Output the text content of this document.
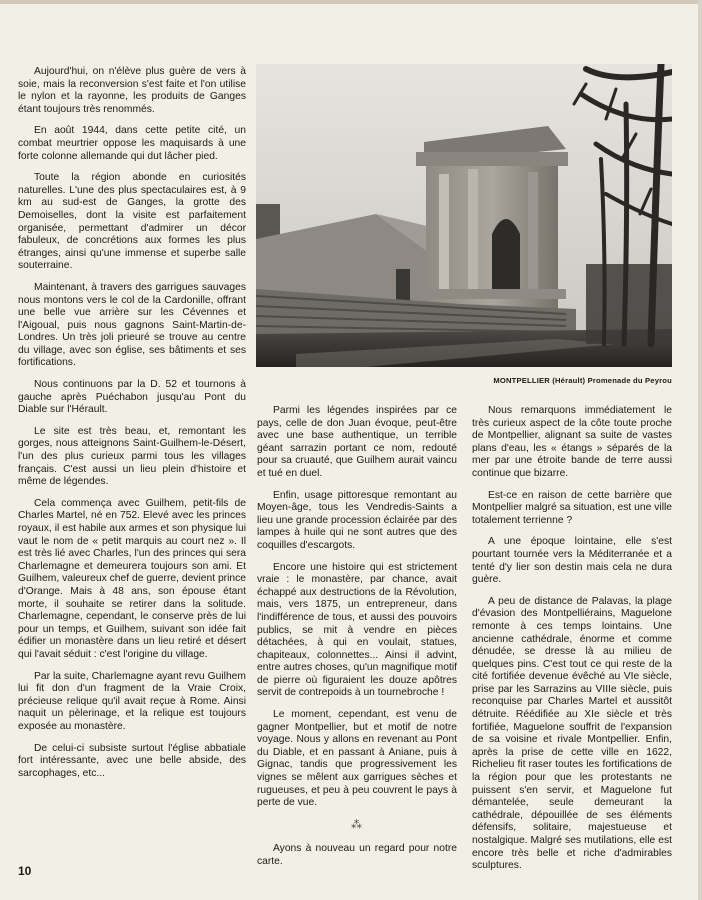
Aujourd'hui, on n'élève plus guère de vers à soie, mais la reconversion s'est faite et l'on utilise le nylon et la rayonne, les produits de Ganges étant toujours très renommés.

En août 1944, dans cette petite cité, un combat meurtrier oppose les maquisards à une forte colonne allemande qui dut lâcher pied.

Toute la région abonde en curiosités naturelles. L'une des plus spectaculaires est, à 9 km au sud-est de Ganges, la grotte des Demoiselles, dont la visite est parfaitement organisée, permettant d'admirer un décor fabuleux, de concrétions aux formes les plus étranges, ainsi qu'une immense et superbe salle souterraine.

Maintenant, à travers des garrigues sauvages nous montons vers le col de la Cardonille, offrant une belle vue arrière sur les Cévennes et l'Aigoual, puis nous gagnons Saint-Martin-de-Londres. Un très joli prieuré se trouve au centre du village, avec son église, ses bâtiments et ses fortifications.

Nous continuons par la D. 52 et tournons à gauche après Puéchabon jusqu'au Pont du Diable sur l'Hérault.

Le site est très beau, et, remontant les gorges, nous atteignons Saint-Guilhem-le-Désert, l'un des plus curieux parmi tous les villages français. C'est aussi un lieu plein d'histoire et même de légendes.

Cela commença avec Guilhem, petit-fils de Charles Martel, né en 752. Elevé avec les princes royaux, il est habile aux armes et son physique lui vaut le nom de « petit marquis au court nez ». Il est très lié avec Charles, l'un des princes qui sera Charlemagne et demeurera toujours son ami. Et Guilhem, valeureux chef de guerre, devient prince d'Orange. Mais à 48 ans, son épouse étant morte, il souhaite se retirer dans la solitude. Charlemagne, cependant, le conserve près de lui pour un temps, et Guilhem, suivant son idée fait édifier un monastère dans un lieu retiré et désert qui l'avait séduit : c'est l'origine du village.

Par la suite, Charlemagne ayant revu Guilhem lui fit don d'un fragment de la Vraie Croix, précieuse relique qu'il avait reçue à Rome. Ainsi naquit un pèlerinage, et la relique est toujours exposée au monastère.

De celui-ci subsiste surtout l'église abbatiale fort intéressante, avec une belle abside, des sarcophages, etc...

MONTPELLIER (Hérault) Promenade du Peyrou

Parmi les légendes inspirées par ce pays, celle de don Juan évoque, peut-être avec une base authentique, un terrible géant sarrazin portant ce nom, redouté pour sa cruauté, que Guilhem aurait vaincu et tué en duel.

Enfin, usage pittoresque remontant au Moyen-âge, tous les Vendredis-Saints a lieu une grande procession éclairée par des lampes à huile qui ne sont autres que des coquilles d'escargots.

Encore une histoire qui est strictement vraie : le monastère, par chance, avait échappé aux destructions de la Révolution, mais, vers 1875, un entrepreneur, dans l'indifférence de tous, et aussi des pouvoirs publics, se mit à vendre en pièces détachées, à qui en voulait, statues, chapiteaux, colonnettes... Ainsi il advint, entre autres choses, qu'un magnifique motif de pierre où figuraient les douze apôtres servit de contrepoids à un tournebroche !

Le moment, cependant, est venu de gagner Montpellier, but et motif de notre voyage. Nous y allons en revenant au Pont du Diable, et en passant à Aniane, puis à Gignac, tandis que progressivement les vignes se mêlent aux garrigues sèches et rugueuses, et peu à peu couvrent le pays à perte de vue.

⁂

Ayons à nouveau un regard pour notre carte.

Nous remarquons immédiatement le très curieux aspect de la côte toute proche de Montpellier, alignant sa suite de vastes plans d'eau, les « étangs » séparés de la mer par une étroite bande de terre aussi continue que bizarre.

Est-ce en raison de cette barrière que Montpellier malgré sa situation, est une ville totalement terrienne ?

A une époque lointaine, elle s'est pourtant tournée vers la Méditerranée et a tenté d'y lier son destin mais cela ne dura guère.

A peu de distance de Palavas, la plage d'évasion des Montpelliérains, Maguelone remonte à ces temps lointains. Une ancienne cathédrale, énorme et comme dénudée, se dresse là au milieu de quelques pins. C'est tout ce qui reste de la cité fortifiée devenue évêché au VIe siècle, prise par les Sarrazins au VIIIe siècle, puis reconquise par Charles Martel et aussitôt détruite. Réédifiée au XIe siècle et très fortifiée, Maguelone souffrit de l'expansion de sa voisine et rivale Montpellier. Enfin, après la prise de cette ville en 1622, Richelieu fit raser toutes les fortifications de la région pour que les protestants ne puissent s'en servir, et Maguelone fut démantelée, seule demeurant la cathédrale, dépouillée de ses éléments défensifs, solitaire, majestueuse et nostalgique. Malgré ses mutilations, elle est encore très belle et riche d'admirables sculptures.

10
